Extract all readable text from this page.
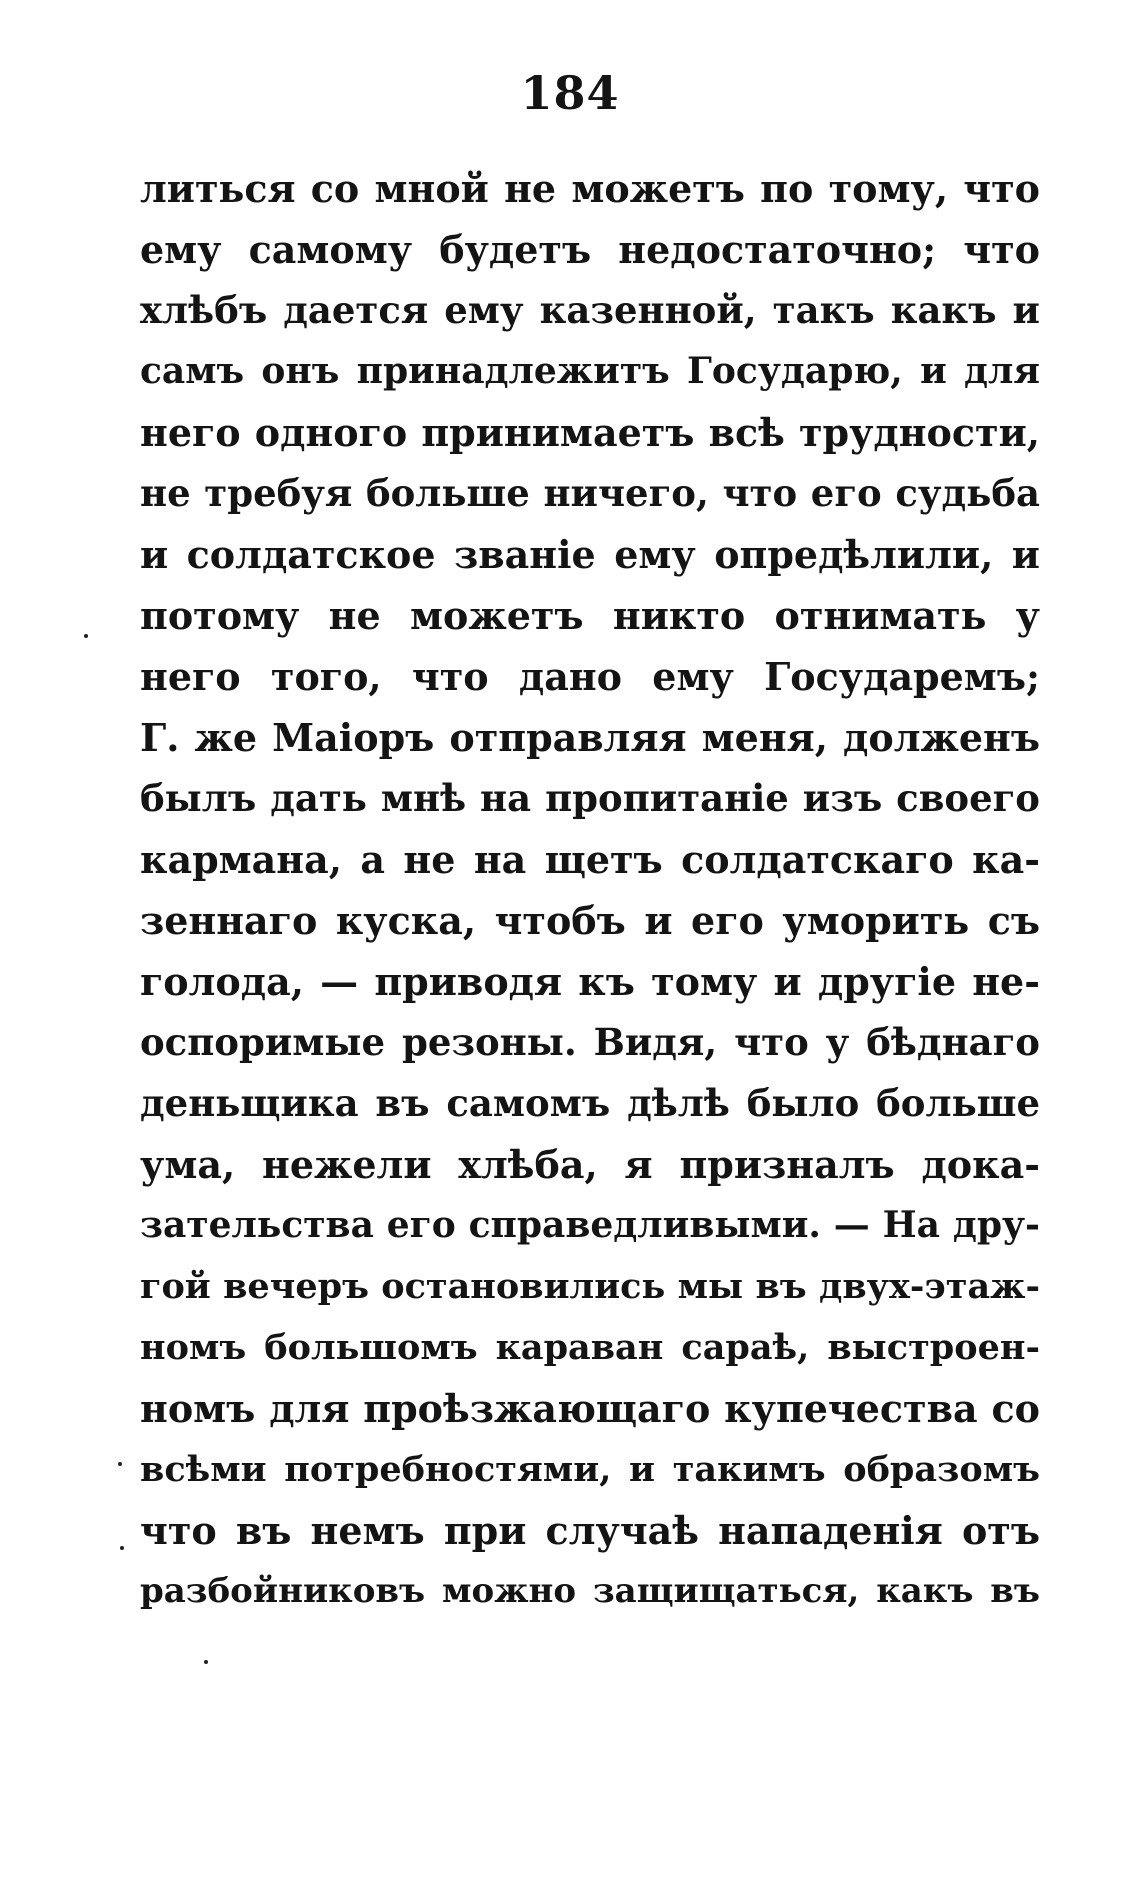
184
литься со мной не можетъ по тому, что
ему самому будетъ недостаточно; что
хлѣбъ дается ему казенной, такъ какъ и
самъ онъ принадлежитъ Государю, и для
него одного принимаетъ всѣ трудности,
не требуя больше ничего, что его судьба
и солдатское званіе ему опредѣлили, и
потому не можетъ никто отнимать у
него того, что дано ему Государемъ;
Г. же Маіоръ отправляя меня, долженъ
былъ дать мнѣ на пропитаніе изъ своего
кармана, а не на щетъ солдатскаго ка-
зеннаго куска, чтобъ и его уморить съ
голода, — приводя къ тому и другіе не-
оспоримые резоны. Видя, что у бѣднаго
деньщика въ самомъ дѣлѣ было больше
ума, нежели хлѣба, я призналъ дока-
зательства его справедливыми. — На дру-
гой вечеръ остановились мы въ двух-этаж-
номъ большомъ караван сараѣ, выстроен-
номъ для проѣзжающаго купечества со
всѣми потребностями, и такимъ образомъ
что въ немъ при случаѣ нападенія отъ
разбойниковъ можно защищаться, какъ въ
